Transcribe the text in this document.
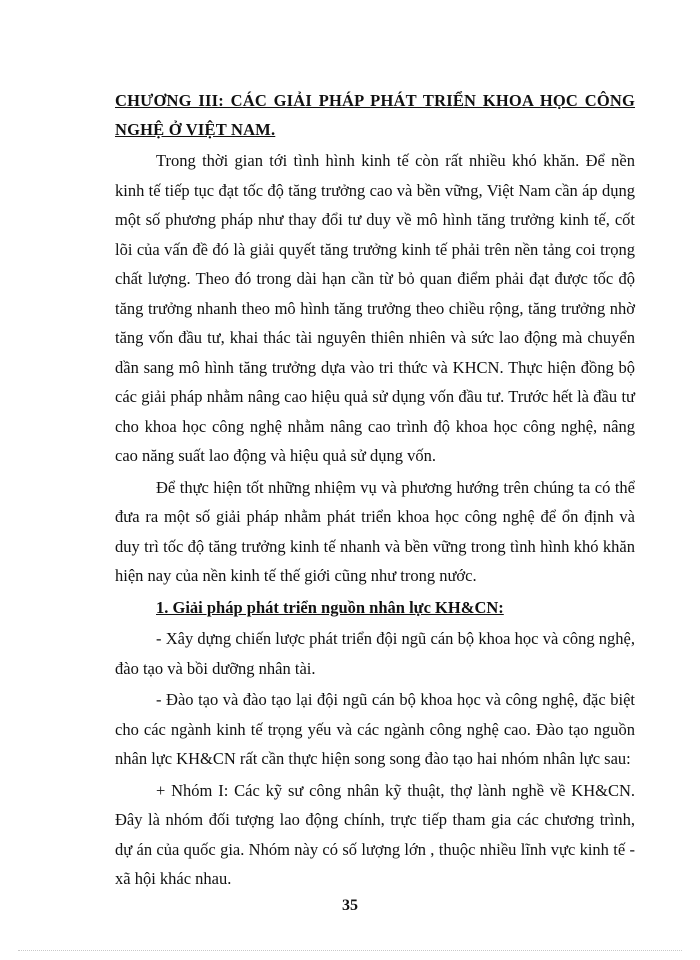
CHƯƠNG III: CÁC GIẢI PHÁP PHÁT TRIỂN KHOA HỌC CÔNG NGHỆ Ở VIỆT NAM.

Trong thời gian tới tình hình kinh tế còn rất nhiều khó khăn. Để nền kinh tế tiếp tục đạt tốc độ tăng trưởng cao và bền vững, Việt Nam cần áp dụng một số phương pháp như thay đổi tư duy về mô hình tăng trưởng kinh tế, cốt lõi của vấn đề đó là giải quyết tăng trưởng kinh tế phải trên nền tảng coi trọng chất lượng. Theo đó trong dài hạn cần từ bỏ quan điểm phải đạt được tốc độ tăng trưởng nhanh theo mô hình tăng trưởng theo chiều rộng, tăng trưởng nhờ tăng vốn đầu tư, khai thác tài nguyên thiên nhiên và sức lao động mà chuyển dần sang mô hình tăng trưởng dựa vào tri thức và KHCN. Thực hiện đồng bộ các giải pháp nhằm nâng cao hiệu quả sử dụng vốn đầu tư. Trước hết là đầu tư cho khoa học công nghệ nhằm nâng cao trình độ khoa học công nghệ, nâng cao năng suất lao động và hiệu quả sử dụng vốn.

Để thực hiện tốt những nhiệm vụ và phương hướng trên chúng ta có thể đưa ra một số giải pháp nhằm phát triển khoa học công nghệ để ổn định và duy trì tốc độ tăng trưởng kinh tế nhanh và bền vững trong tình hình khó khăn hiện nay của nền kinh tế thế giới cũng như trong nước.

1. Giải pháp phát triển nguồn nhân lực KH&CN:

- Xây dựng chiến lược phát triển đội ngũ cán bộ khoa học và công nghệ, đào tạo và bồi dưỡng nhân tài.

- Đào tạo và đào tạo lại đội ngũ cán bộ khoa học và công nghệ, đặc biệt cho các ngành kinh tế trọng yếu và các ngành công nghệ cao. Đào tạo nguồn nhân lực KH&CN rất cần thực hiện song song đào tạo hai nhóm nhân lực sau:

+ Nhóm I: Các kỹ sư công nhân kỹ thuật, thợ lành nghề về KH&CN. Đây là nhóm đối tượng lao động chính, trực tiếp tham gia các chương trình, dự án của quốc gia. Nhóm này có số lượng lớn , thuộc nhiều lĩnh vực kinh tế - xã hội khác nhau.

35
